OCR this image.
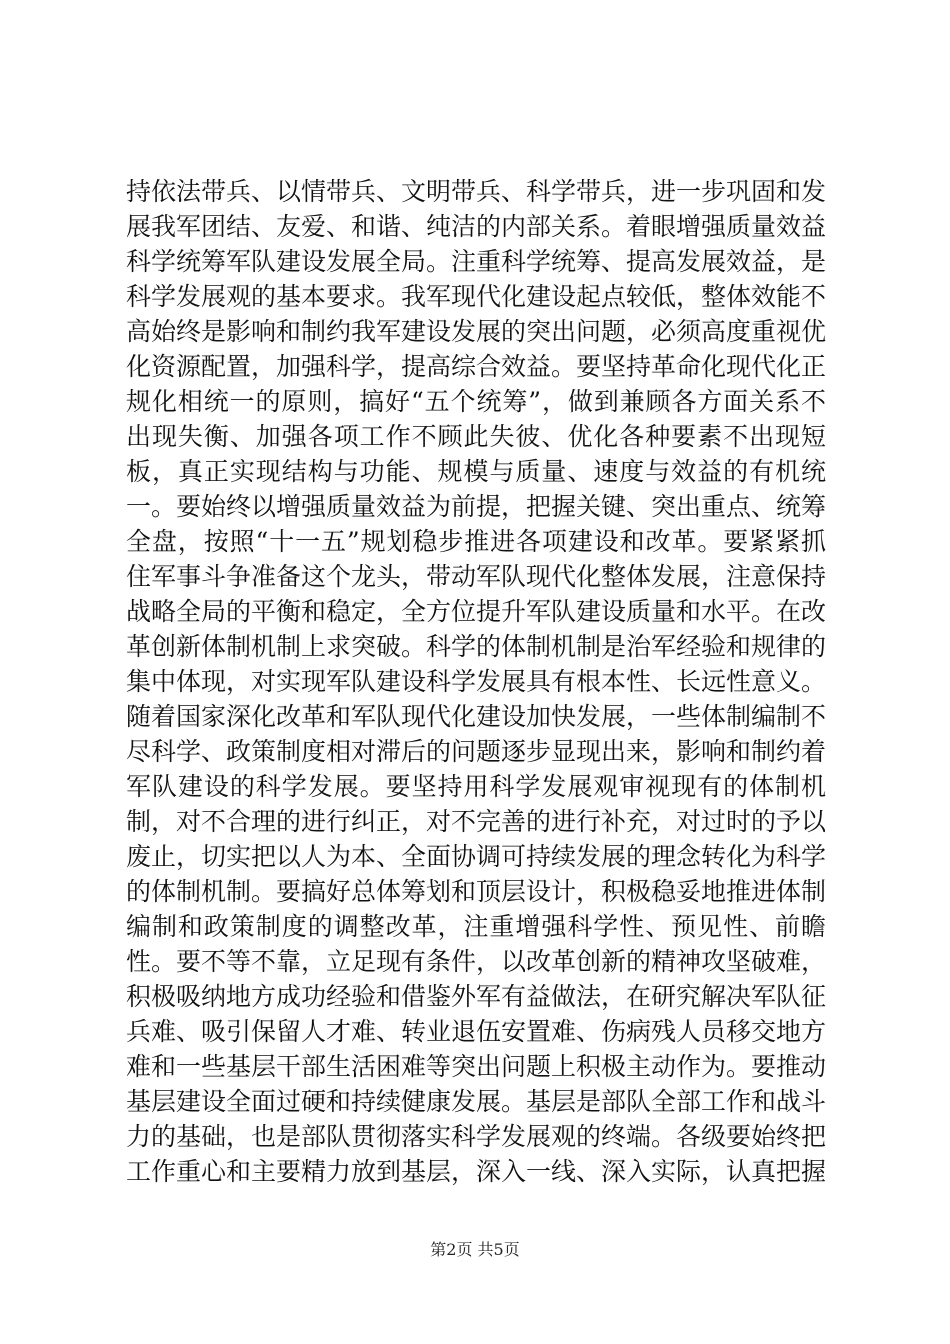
持依法带兵、以情带兵、文明带兵、科学带兵，进一步巩固和发展我军团结、友爱、和谐、纯洁的内部关系。着眼增强质量效益科学统筹军队建设发展全局。注重科学统筹、提高发展效益，是科学发展观的基本要求。我军现代化建设起点较低，整体效能不高始终是影响和制约我军建设发展的突出问题，必须高度重视优化资源配置，加强科学，提高综合效益。要坚持革命化现代化正规化相统一的原则，搞好“五个统筹”，做到兼顾各方面关系不出现失衡、加强各项工作不顾此失彼、优化各种要素不出现短板，真正实现结构与功能、规模与质量、速度与效益的有机统一。要始终以增强质量效益为前提，把握关键、突出重点、统筹全盘，按照“十一五”规划稳步推进各项建设和改革。要紧紧抓住军事斗争准备这个龙头，带动军队现代化整体发展，注意保持战略全局的平衡和稳定，全方位提升军队建设质量和水平。在改革创新体制机制上求突破。科学的体制机制是治军经验和规律的集中体现，对实现军队建设科学发展具有根本性、长远性意义。随着国家深化改革和军队现代化建设加快发展，一些体制编制不尽科学、政策制度相对滞后的问题逐步显现出来，影响和制约着军队建设的科学发展。要坚持用科学发展观审视现有的体制机制，对不合理的进行纠正，对不完善的进行补充，对过时的予以废止，切实把以人为本、全面协调可持续发展的理念转化为科学的体制机制。要搞好总体筹划和顶层设计，积极稳妥地推进体制编制和政策制度的调整改革，注重增强科学性、预见性、前瞻性。要不等不靠，立足现有条件，以改革创新的精神攻坚破难，积极吸纳地方成功经验和借鉴外军有益做法，在研究解决军队征兵难、吸引保留人才难、转业退伍安置难、伤病残人员移交地方难和一些基层干部生活困难等突出问题上积极主动作为。要推动基层建设全面过硬和持续健康发展。基层是部队全部工作和战斗力的基础，也是部队贯彻落实科学发展观的终端。各级要始终把工作重心和主要精力放到基层，深入一线、深入实际，认真把握

第2页 共5页
